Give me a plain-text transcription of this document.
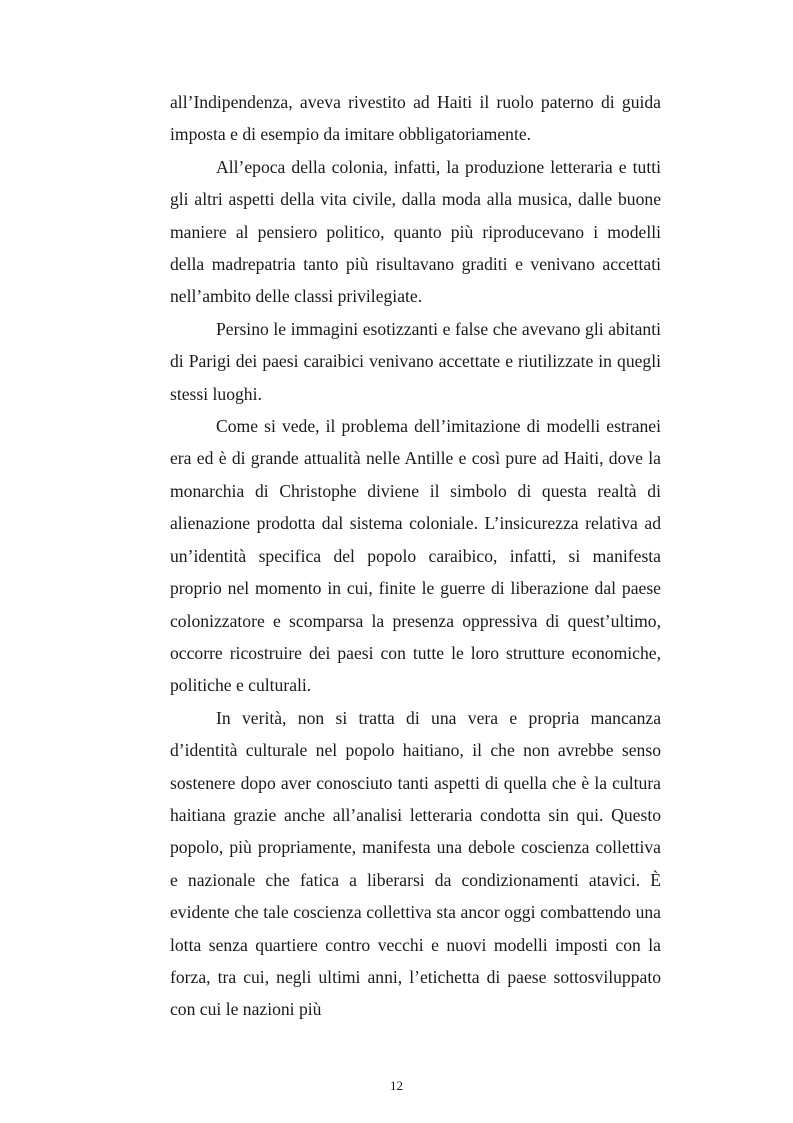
all’Indipendenza, aveva rivestito ad Haiti il ruolo paterno di guida imposta e di esempio da imitare obbligatoriamente.

All’epoca della colonia, infatti, la produzione letteraria e tutti gli altri aspetti della vita civile, dalla moda alla musica, dalle buone maniere al pensiero politico, quanto più riproducevano i modelli della madrepatria tanto più risultavano graditi e venivano accettati nell’ambito delle classi privilegiate.

Persino le immagini esotizzanti e false che avevano gli abitanti di Parigi dei paesi caraibici venivano accettate e riutilizzate in quegli stessi luoghi.

Come si vede, il problema dell’imitazione di modelli estranei era ed è di grande attualità nelle Antille e così pure ad Haiti, dove la monarchia di Christophe diviene il simbolo di questa realtà di alienazione prodotta dal sistema coloniale. L’insicurezza relativa ad un’identità specifica del popolo caraibico, infatti, si manifesta proprio nel momento in cui, finite le guerre di liberazione dal paese colonizzatore e scomparsa la presenza oppressiva di quest’ultimo, occorre ricostruire dei paesi con tutte le loro strutture economiche, politiche e culturali.

In verità, non si tratta di una vera e propria mancanza d’identità culturale nel popolo haitiano, il che non avrebbe senso sostenere dopo aver conosciuto tanti aspetti di quella che è la cultura haitiana grazie anche all’analisi letteraria condotta sin qui. Questo popolo, più propriamente, manifesta una debole coscienza collettiva e nazionale che fatica a liberarsi da condizionamenti atavici. È evidente che tale coscienza collettiva sta ancor oggi combattendo una lotta senza quartiere contro vecchi e nuovi modelli imposti con la forza, tra cui, negli ultimi anni, l’etichetta di paese sottosviluppato con cui le nazioni più

12
